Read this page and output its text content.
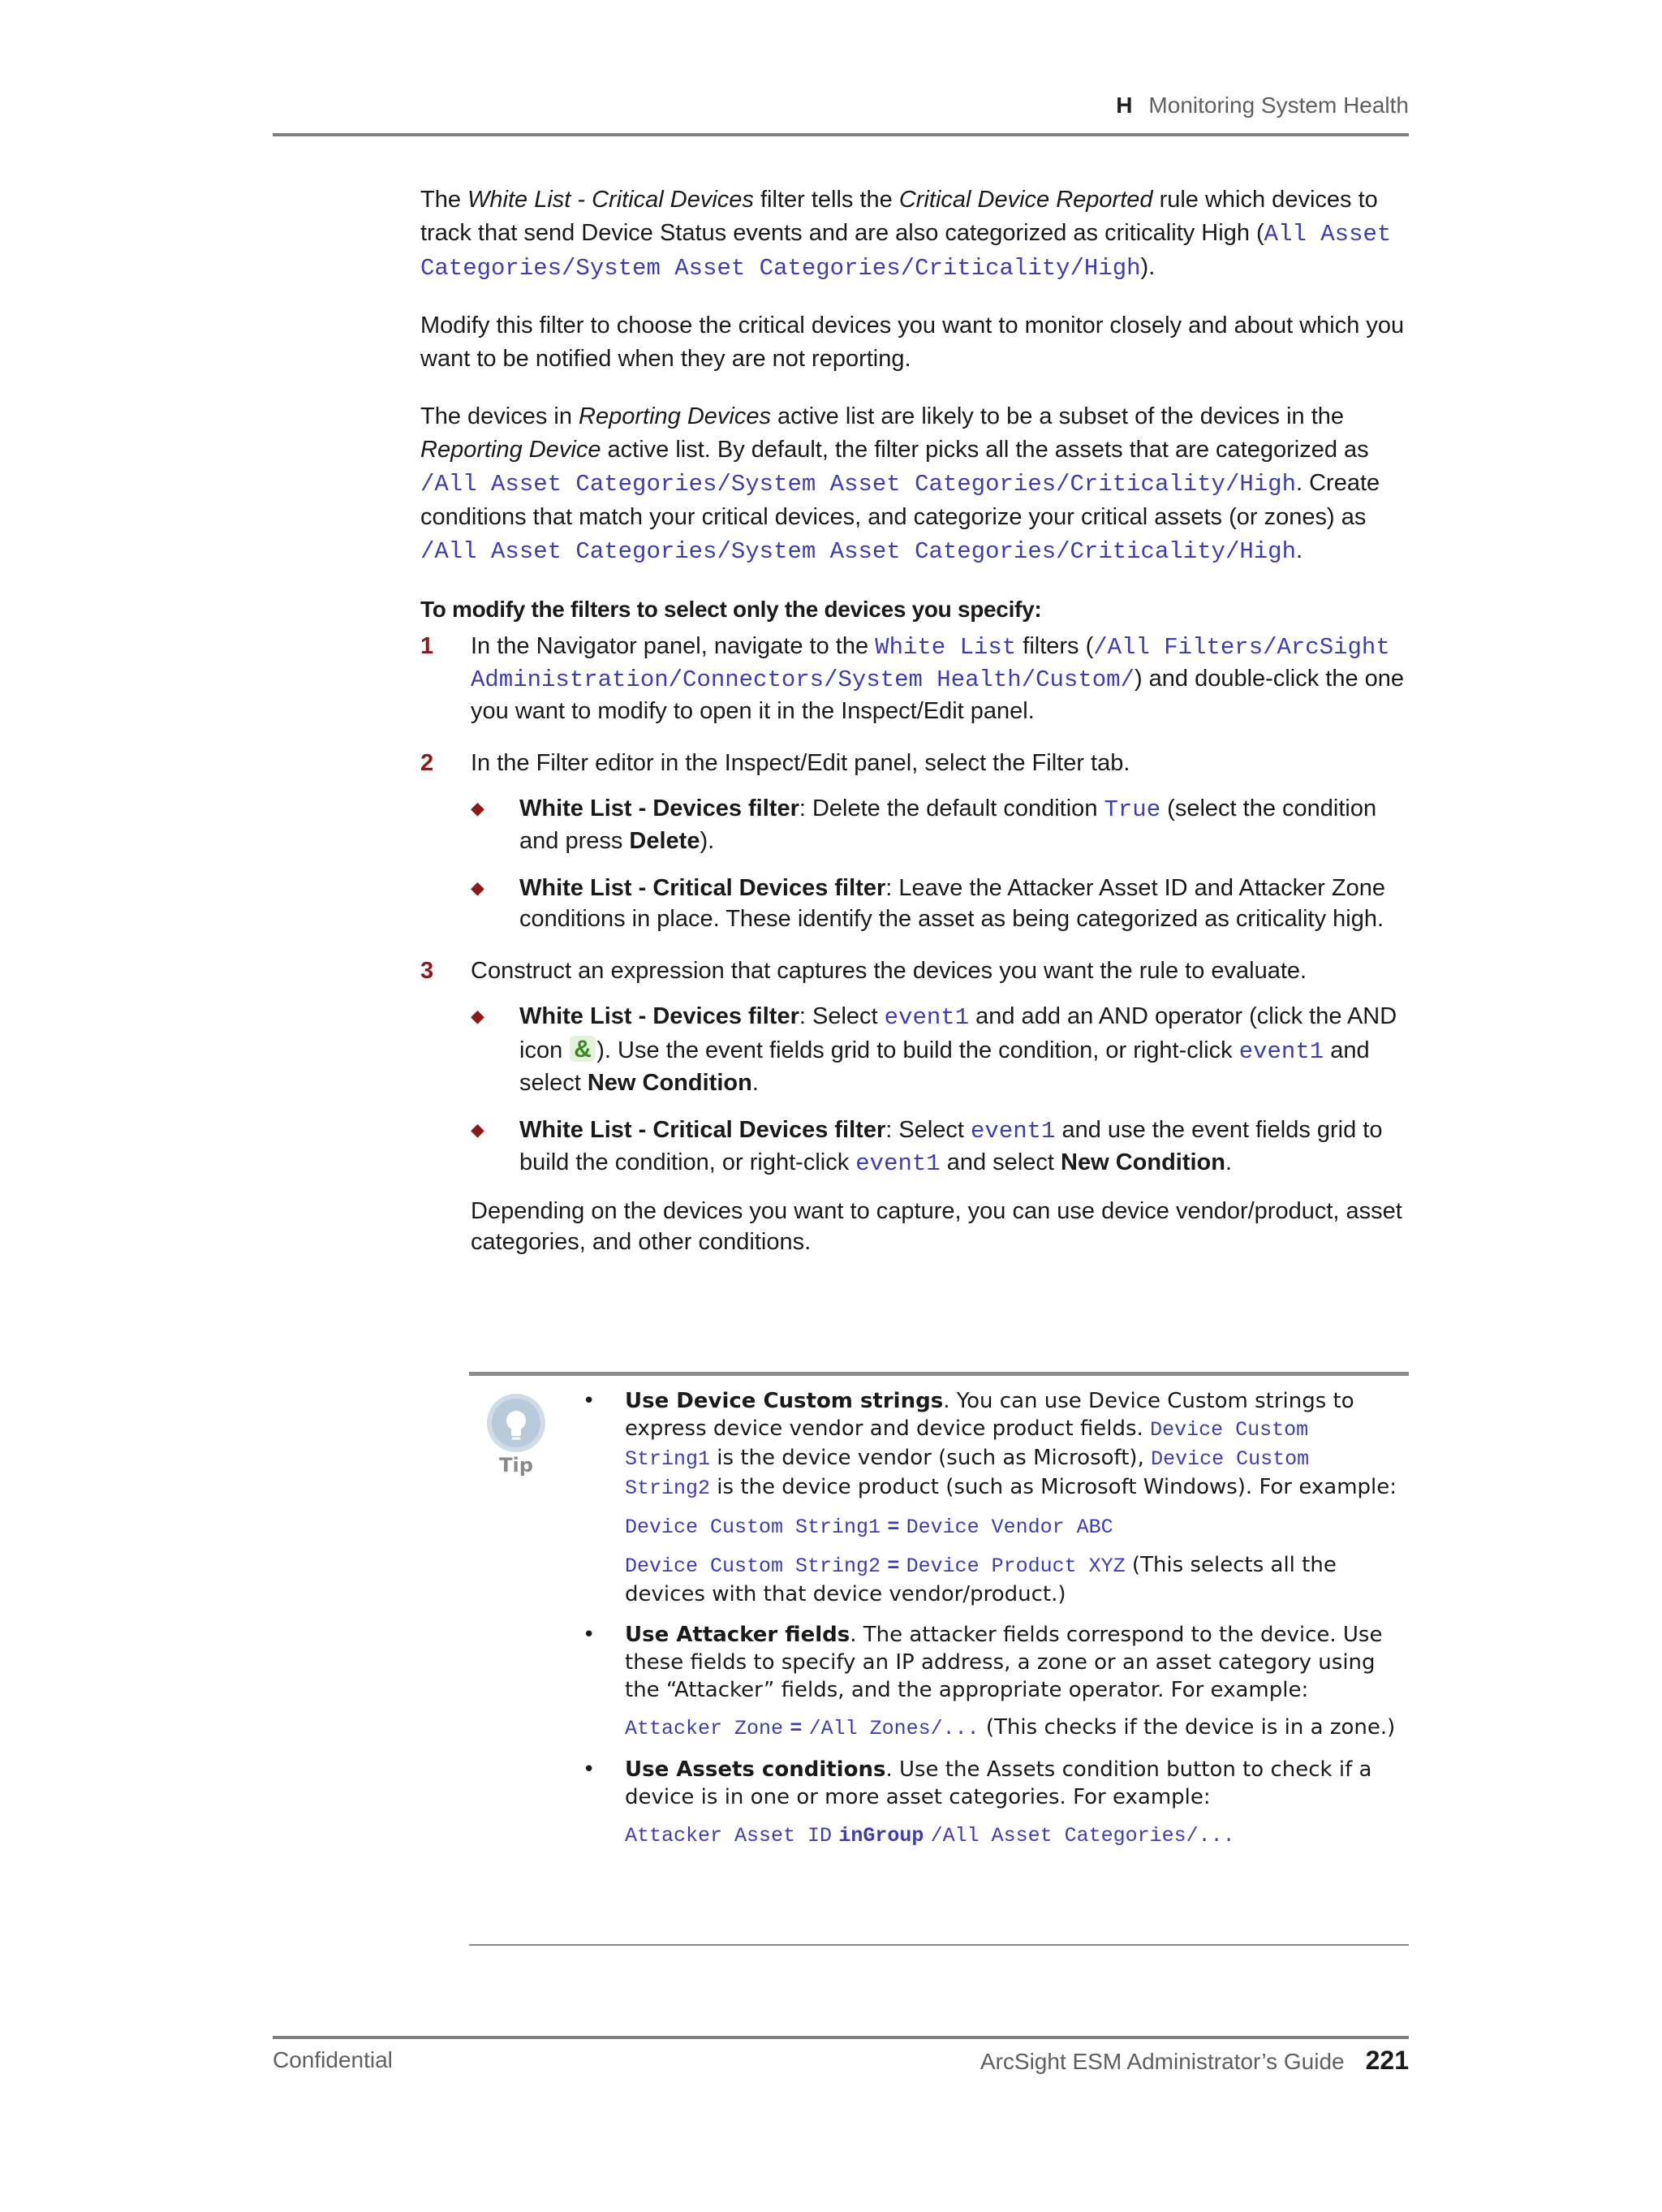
H Monitoring System Health

The White List - Critical Devices filter tells the Critical Device Reported rule which devices to track that send Device Status events and are also categorized as criticality High (All Asset Categories/System Asset Categories/Criticality/High).

Modify this filter to choose the critical devices you want to monitor closely and about which you want to be notified when they are not reporting.

The devices in Reporting Devices active list are likely to be a subset of the devices in the Reporting Device active list. By default, the filter picks all the assets that are categorized as /All Asset Categories/System Asset Categories/Criticality/High. Create conditions that match your critical devices, and categorize your critical assets (or zones) as /All Asset Categories/System Asset Categories/Criticality/High.

To modify the filters to select only the devices you specify:
1 In the Navigator panel, navigate to the White List filters (/All Filters/ArcSight Administration/Connectors/System Health/Custom/) and double-click the one you want to modify to open it in the Inspect/Edit panel.

2 In the Filter editor in the Inspect/Edit panel, select the Filter tab.

◆ White List - Devices filter: Delete the default condition True (select the condition and press Delete).
◆ White List - Critical Devices filter: Leave the Attacker Asset ID and Attacker Zone conditions in place. These identify the asset as being categorized as criticality high.
3 Construct an expression that captures the devices you want the rule to evaluate.

◆ White List - Devices filter: Select event1 and add an AND operator (click the AND icon & ). Use the event fields grid to build the condition, or right-click event1 and select New Condition.
◆ White List - Critical Devices filter: Select event1 and use the event fields grid to build the condition, or right-click event1 and select New Condition.

Depending on the devices you want to capture, you can use device vendor/product, asset categories, and other conditions.

Tip
• Use Device Custom strings. You can use Device Custom strings to express device vendor and device product fields. Device Custom String1 is the device vendor (such as Microsoft), Device Custom String2 is the device product (such as Microsoft Windows). For example:

Device Custom String1 = Device Vendor ABC

Device Custom String2 = Device Product XYZ (This selects all the devices with that device vendor/product.)

• Use Attacker fields. The attacker fields correspond to the device. Use these fields to specify an IP address, a zone or an asset category using the “Attacker” fields, and the appropriate operator. For example:

Attacker Zone = /All Zones/... (This checks if the device is in a zone.)

• Use Assets conditions. Use the Assets condition button to check if a device is in one or more asset categories. For example:

Attacker Asset ID inGroup /All Asset Categories/...

Confidential	ArcSight ESM Administrator’s Guide 221
